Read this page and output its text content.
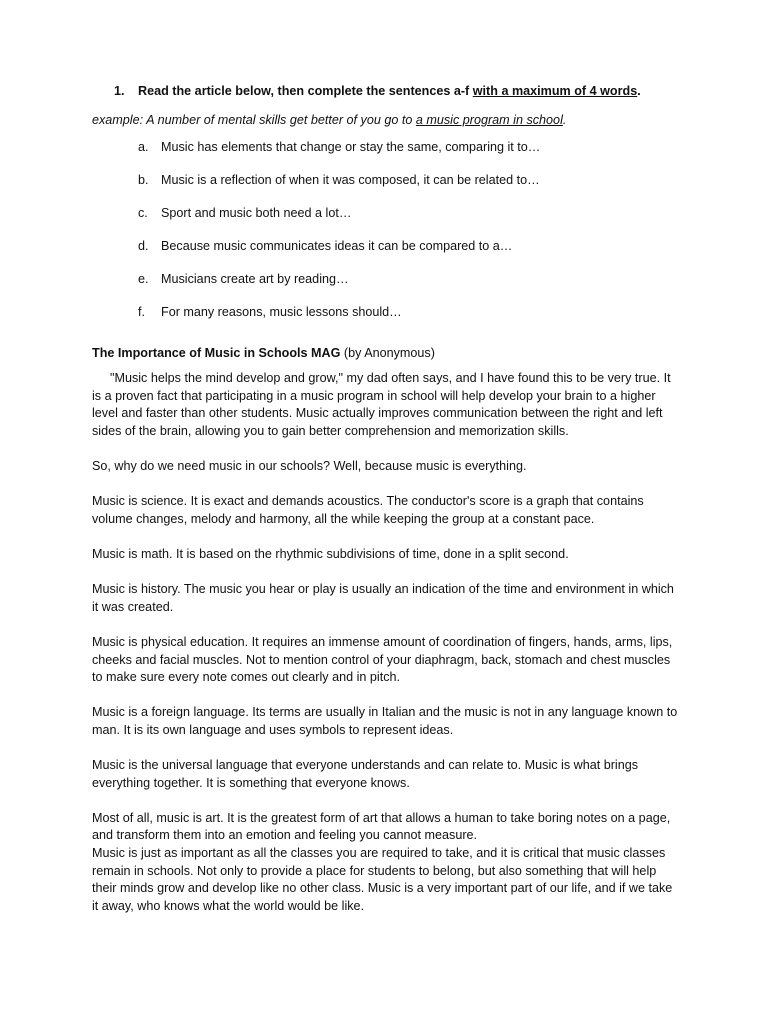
1. Read the article below, then complete the sentences a-f with a maximum of 4 words.
example: A number of mental skills get better of you go to a music program in school.
a. Music has elements that change or stay the same, comparing it to…
b. Music is a reflection of when it was composed, it can be related to…
c.	Sport and music both need a lot…
d. Because music communicates ideas it can be compared to a…
e. Musicians create art by reading…
f.	For many reasons, music lessons should…
The Importance of Music in Schools MAG (by Anonymous)

"Music helps the mind develop and grow," my dad often says, and I have found this to be very true. It is a proven fact that participating in a music program in school will help develop your brain to a higher level and faster than other students. Music actually improves communication between the right and left sides of the brain, allowing you to gain better comprehension and memorization skills.

So, why do we need music in our schools? Well, because music is everything.

Music is science. It is exact and demands acoustics. The conductor's score is a graph that contains volume changes, melody and harmony, all the while keeping the group at a constant pace.

Music is math. It is based on the rhythmic subdivisions of time, done in a split second.

Music is history. The music you hear or play is usually an indication of the time and environment in which it was created.

Music is physical education. It requires an immense amount of coordination of fingers, hands, arms, lips, cheeks and facial muscles. Not to mention control of your diaphragm, back, stomach and chest muscles to make sure every note comes out clearly and in pitch.

Music is a foreign language. Its terms are usually in Italian and the music is not in any language known to man. It is its own language and uses symbols to represent ideas.

Music is the universal language that everyone understands and can relate to. Music is what brings everything together. It is something that everyone knows.

Most of all, music is art. It is the greatest form of art that allows a human to take boring notes on a page, and transform them into an emotion and feeling you cannot measure.

Music is just as important as all the classes you are required to take, and it is critical that music classes remain in schools. Not only to provide a place for students to belong, but also something that will help their minds grow and develop like no other class. Music is a very important part of our life, and if we take it away, who knows what the world would be like.
